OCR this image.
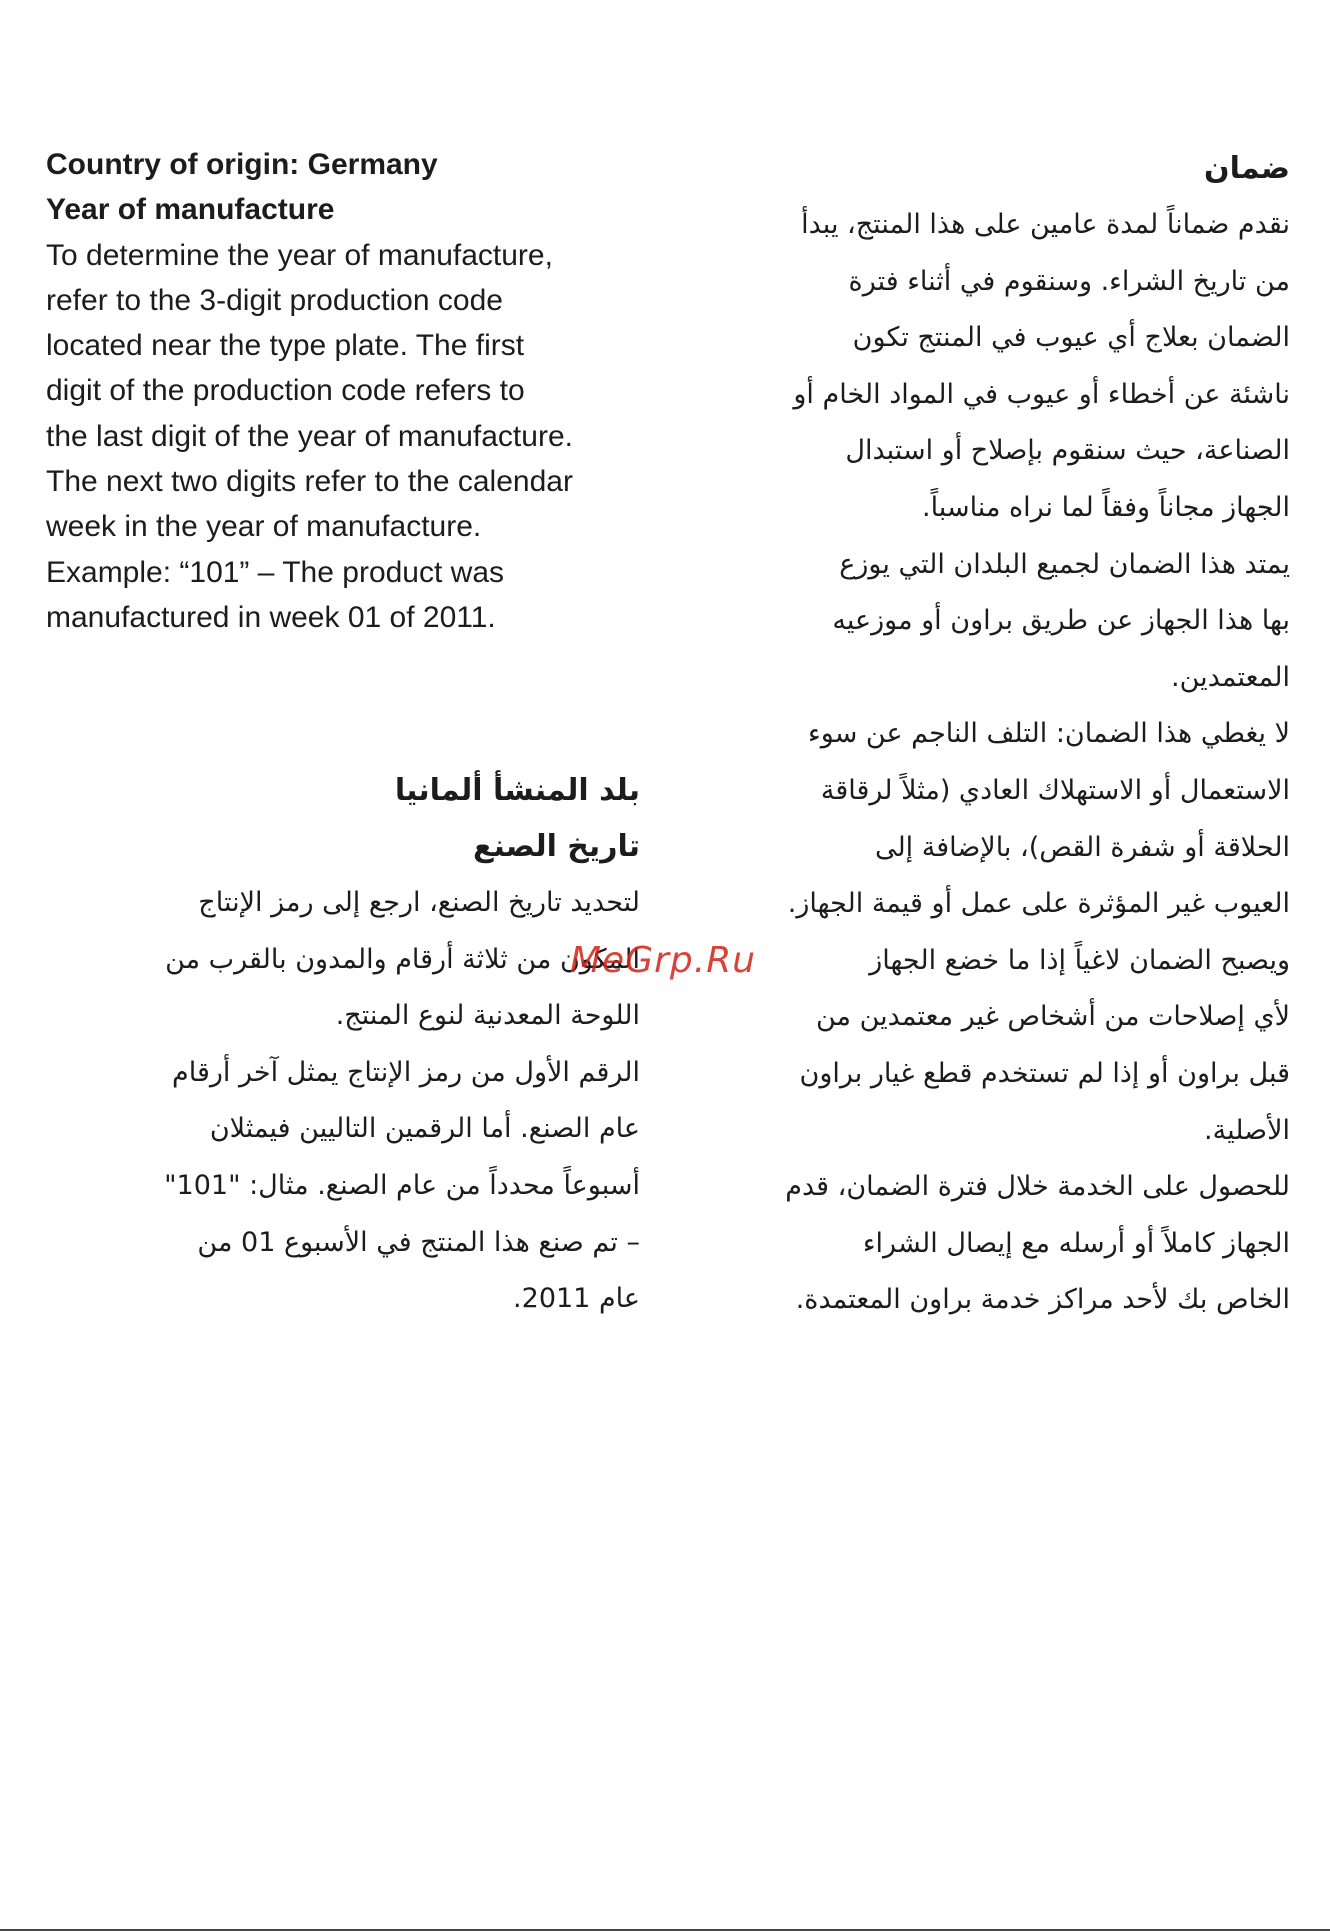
Country of origin: Germany
Year of manufacture
To determine the year of manufacture,
refer to the 3-digit production code
located near the type plate. The first
digit of the production code refers to
the last digit of the year of manufacture.
The next two digits refer to the calendar
week in the year of manufacture.
Example: “101” – The product was
manufactured in week 01 of 2011.
بلد المنشأ ألمانيا
تاريخ الصنع
لتحديد تاريخ الصنع، ارجع إلى رمز الإنتاج
المكون من ثلاثة أرقام والمدون بالقرب من
اللوحة المعدنية لنوع المنتج.
الرقم الأول من رمز الإنتاج يمثل آخر أرقام
عام الصنع. أما الرقمين التاليين فيمثلان
أسبوعاً محدداً من عام الصنع. مثال: "101"
– تم صنع هذا المنتج في الأسبوع 01 من
عام 2011.
ضمان
نقدم ضماناً لمدة عامين على هذا المنتج، يبدأ
من تاريخ الشراء. وسنقوم في أثناء فترة
الضمان بعلاج أي عيوب في المنتج تكون
ناشئة عن أخطاء أو عيوب في المواد الخام أو
الصناعة، حيث سنقوم بإصلاح أو استبدال
الجهاز مجاناً وفقاً لما نراه مناسباً.
يمتد هذا الضمان لجميع البلدان التي يوزع
بها هذا الجهاز عن طريق براون أو موزعيه
المعتمدين.
لا يغطي هذا الضمان: التلف الناجم عن سوء
الاستعمال أو الاستهلاك العادي (مثلاً لرقاقة
الحلاقة أو شفرة القص)، بالإضافة إلى
العيوب غير المؤثرة على عمل أو قيمة الجهاز.
ويصبح الضمان لاغياً إذا ما خضع الجهاز
لأي إصلاحات من أشخاص غير معتمدين من
قبل براون أو إذا لم تستخدم قطع غيار براون
الأصلية.
للحصول على الخدمة خلال فترة الضمان، قدم
الجهاز كاملاً أو أرسله مع إيصال الشراء
الخاص بك لأحد مراكز خدمة براون المعتمدة.
MeGrp.Ru
